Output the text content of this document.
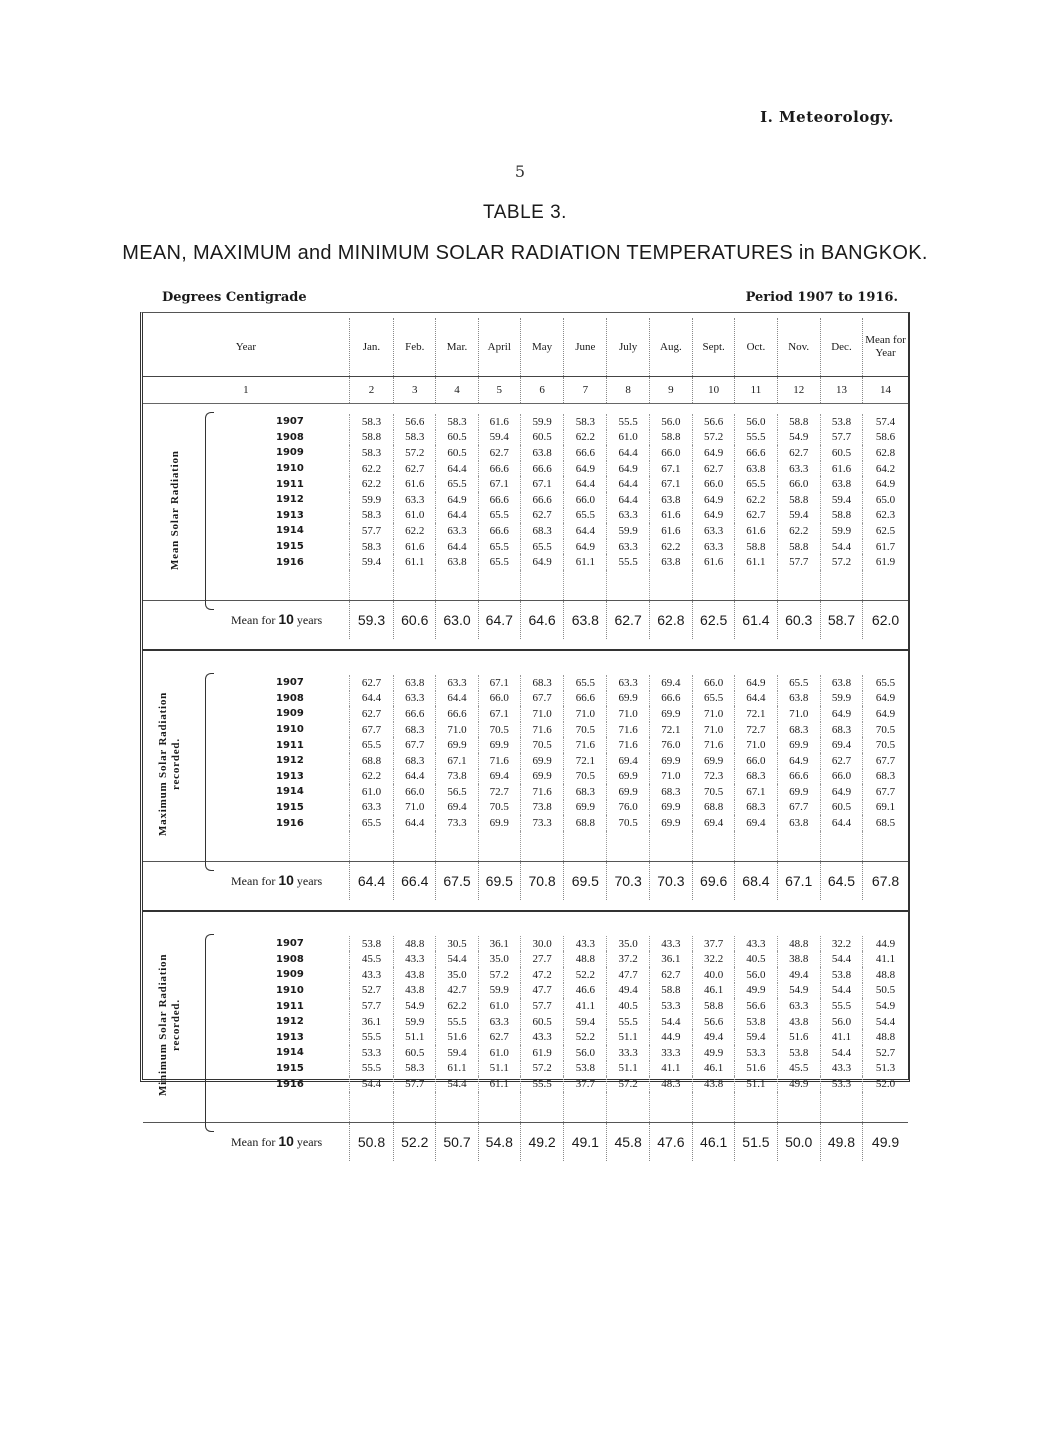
I. Meteorology.
5
TABLE 3.
MEAN, MAXIMUM and MINIMUM SOLAR RADIATION TEMPERATURES in BANGKOK.
Degrees Centigrade	Period 1907 to 1916.
Year	Jan.	Feb.	Mar.	April	May	June	July	Aug.	Sept.	Oct.	Nov.	Dec.	Mean for Year
1	2	3	4	5	6	7	8	9	10	11	12	13	14

Mean Solar Radiation
1907	58.3	56.6	58.3	61.6	59.9	58.3	55.5	56.0	56.6	56.0	58.8	53.8	57.4
1908	58.8	58.3	60.5	59.4	60.5	62.2	61.0	58.8	57.2	55.5	54.9	57.7	58.6
1909	58.3	57.2	60.5	62.7	63.8	66.6	64.4	66.0	64.9	66.6	62.7	60.5	62.8
1910	62.2	62.7	64.4	66.6	66.6	64.9	64.9	67.1	62.7	63.8	63.3	61.6	64.2
1911	62.2	61.6	65.5	67.1	67.1	64.4	64.4	67.1	66.0	65.5	66.0	63.8	64.9
1912	59.9	63.3	64.9	66.6	66.6	66.0	64.4	63.8	64.9	62.2	58.8	59.4	65.0
1913	58.3	61.0	64.4	65.5	62.7	65.5	63.3	61.6	64.9	62.7	59.4	58.8	62.3
1914	57.7	62.2	63.3	66.6	68.3	64.4	59.9	61.6	63.3	61.6	62.2	59.9	62.5
1915	58.3	61.6	64.4	65.5	65.5	64.9	63.3	62.2	63.3	58.8	58.8	54.4	61.7
1916	59.4	61.1	63.8	65.5	64.9	61.1	55.5	63.8	61.6	61.1	57.7	57.2	61.9

Mean for 10 years	59.3	60.6	63.0	64.7	64.6	63.8	62.7	62.8	62.5	61.4	60.3	58.7	62.0

Maximum Solar Radiation
recorded.
1907	62.7	63.8	63.3	67.1	68.3	65.5	63.3	69.4	66.0	64.9	65.5	63.8	65.5
1908	64.4	63.3	64.4	66.0	67.7	66.6	69.9	66.6	65.5	64.4	63.8	59.9	64.9
1909	62.7	66.6	66.6	67.1	71.0	71.0	71.0	69.9	71.0	72.1	71.0	64.9	64.9
1910	67.7	68.3	71.0	70.5	71.6	70.5	71.6	72.1	71.0	72.7	68.3	68.3	70.5
1911	65.5	67.7	69.9	69.9	70.5	71.6	71.6	76.0	71.6	71.0	69.9	69.4	70.5
1912	68.8	68.3	67.1	71.6	69.9	72.1	69.4	69.9	69.9	66.0	64.9	62.7	67.7
1913	62.2	64.4	73.8	69.4	69.9	70.5	69.9	71.0	72.3	68.3	66.6	66.0	68.3
1914	61.0	66.0	56.5	72.7	71.6	68.3	69.9	68.3	70.5	67.1	69.9	64.9	67.7
1915	63.3	71.0	69.4	70.5	73.8	69.9	76.0	69.9	68.8	68.3	67.7	60.5	69.1
1916	65.5	64.4	73.3	69.9	73.3	68.8	70.5	69.9	69.4	69.4	63.8	64.4	68.5

Mean for 10 years	64.4	66.4	67.5	69.5	70.8	69.5	70.3	70.3	69.6	68.4	67.1	64.5	67.8

Minimum Solar Radiation
recorded.
1907	53.8	48.8	30.5	36.1	30.0	43.3	35.0	43.3	37.7	43.3	48.8	32.2	44.9
1908	45.5	43.3	54.4	35.0	27.7	48.8	37.2	36.1	32.2	40.5	38.8	54.4	41.1
1909	43.3	43.8	35.0	57.2	47.2	52.2	47.7	62.7	40.0	56.0	49.4	53.8	48.8
1910	52.7	43.8	42.7	59.9	47.7	46.6	49.4	58.8	46.1	49.9	54.9	54.4	50.5
1911	57.7	54.9	62.2	61.0	57.7	41.1	40.5	53.3	58.8	56.6	63.3	55.5	54.9
1912	36.1	59.9	55.5	63.3	60.5	59.4	55.5	54.4	56.6	53.8	43.8	56.0	54.4
1913	55.5	51.1	51.6	62.7	43.3	52.2	51.1	44.9	49.4	59.4	51.6	41.1	48.8
1914	53.3	60.5	59.4	61.0	61.9	56.0	33.3	33.3	49.9	53.3	53.8	54.4	52.7
1915	55.5	58.3	61.1	51.1	57.2	53.8	51.1	41.1	46.1	51.6	45.5	43.3	51.3
1916	54.4	57.7	54.4	61.1	55.5	37.7	57.2	48.3	43.8	51.1	49.9	53.3	52.0

Mean for 10 years	50.8	52.2	50.7	54.8	49.2	49.1	45.8	47.6	46.1	51.5	50.0	49.8	49.9
